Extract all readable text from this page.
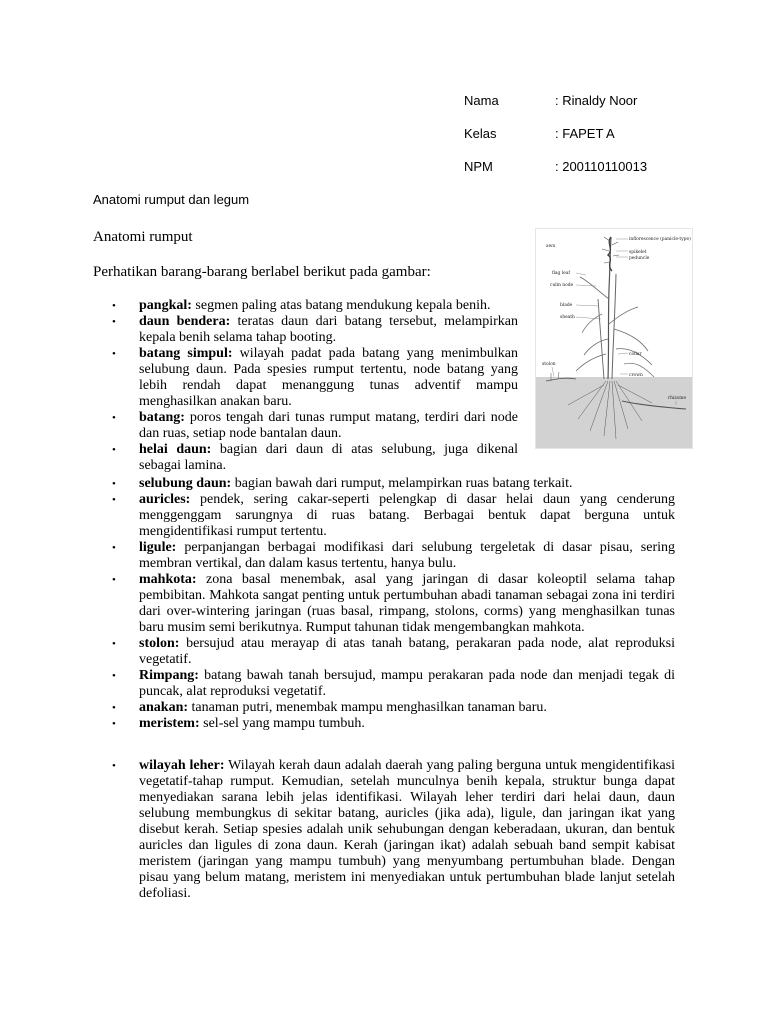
Nama	: Rinaldy Noor
Kelas	: FAPET A
NPM	: 200110110013
Anatomi rumput dan legum
Anatomi rumput
Perhatikan barang-barang berlabel berikut pada gambar:
awn
inflorescence (panicle-type)
spikelet
peduncle
flag leaf
culm node
blade
sheath
collar
stolon
crown
rhizome
• pangkal: segmen paling atas batang mendukung kepala benih.
• daun bendera: teratas daun dari batang tersebut, melampirkan kepala benih selama tahap booting.
• batang simpul: wilayah padat pada batang yang menimbulkan selubung daun. Pada spesies rumput tertentu, node batang yang lebih rendah dapat menanggung tunas adventif mampu menghasilkan anakan baru.
• batang: poros tengah dari tunas rumput matang, terdiri dari node dan ruas, setiap node bantalan daun.
• helai daun: bagian dari daun di atas selubung, juga dikenal sebagai lamina.
• selubung daun: bagian bawah dari rumput, melampirkan ruas batang terkait.
• auricles: pendek, sering cakar-seperti pelengkap di dasar helai daun yang cenderung menggenggam sarungnya di ruas batang. Berbagai bentuk dapat berguna untuk mengidentifikasi rumput tertentu.
• ligule: perpanjangan berbagai modifikasi dari selubung tergeletak di dasar pisau, sering membran vertikal, dan dalam kasus tertentu, hanya bulu.
• mahkota: zona basal menembak, asal yang jaringan di dasar koleoptil selama tahap pembibitan. Mahkota sangat penting untuk pertumbuhan abadi tanaman sebagai zona ini terdiri dari over-wintering jaringan (ruas basal, rimpang, stolons, corms) yang menghasilkan tunas baru musim semi berikutnya. Rumput tahunan tidak mengembangkan mahkota.
• stolon: bersujud atau merayap di atas tanah batang, perakaran pada node, alat reproduksi vegetatif.
• Rimpang: batang bawah tanah bersujud, mampu perakaran pada node dan menjadi tegak di puncak, alat reproduksi vegetatif.
• anakan: tanaman putri, menembak mampu menghasilkan tanaman baru.
• meristem: sel-sel yang mampu tumbuh.
• wilayah leher: Wilayah kerah daun adalah daerah yang paling berguna untuk mengidentifikasi vegetatif-tahap rumput. Kemudian, setelah munculnya benih kepala, struktur bunga dapat menyediakan sarana lebih jelas identifikasi. Wilayah leher terdiri dari helai daun, daun selubung membungkus di sekitar batang, auricles (jika ada), ligule, dan jaringan ikat yang disebut kerah. Setiap spesies adalah unik sehubungan dengan keberadaan, ukuran, dan bentuk auricles dan ligules di zona daun. Kerah (jaringan ikat) adalah sebuah band sempit kabisat meristem (jaringan yang mampu tumbuh) yang menyumbang pertumbuhan blade. Dengan pisau yang belum matang, meristem ini menyediakan untuk pertumbuhan blade lanjut setelah defoliasi.
